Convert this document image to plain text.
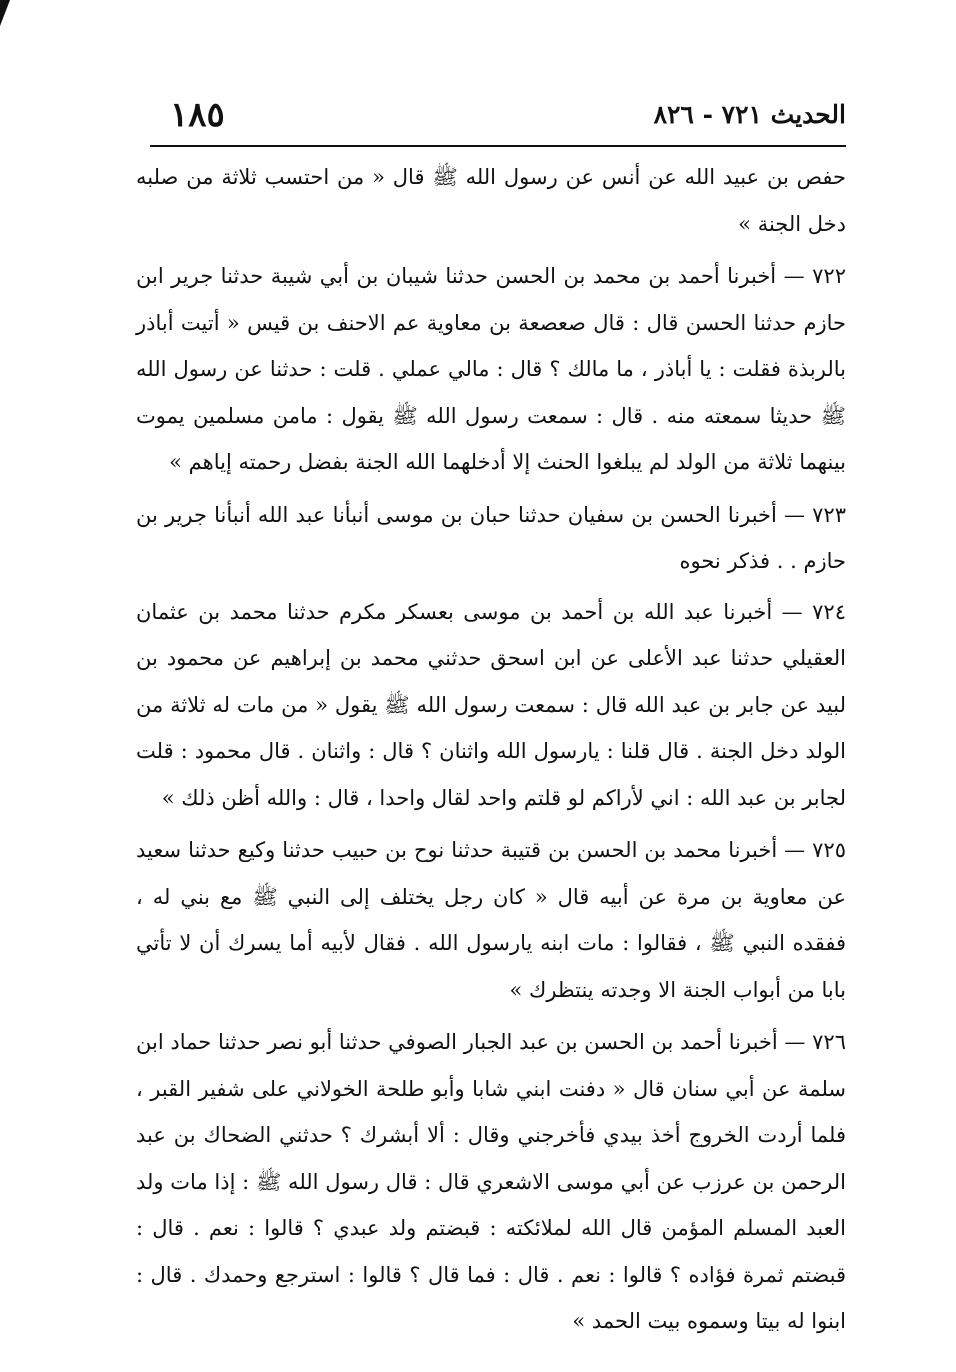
الحديث ٧٢١ - ٨٢٦
١٨٥

حفص بن عبيد الله عن أنس عن رسول الله ﷺ قال « من احتسب ثلاثة من صلبه دخل الجنة »

٧٢٢ — أخبرنا أحمد بن محمد بن الحسن حدثنا شيبان بن أبي شيبة حدثنا جرير ابن حازم حدثنا الحسن قال : قال صعصعة بن معاوية عم الاحنف بن قيس « أتيت أباذر بالربذة فقلت : يا أباذر ، ما مالك ؟ قال : مالي عملي . قلت : حدثنا عن رسول الله ﷺ حديثا سمعته منه . قال : سمعت رسول الله ﷺ يقول : مامن مسلمين يموت بينهما ثلاثة من الولد لم يبلغوا الحنث إلا أدخلهما الله الجنة بفضل رحمته إياهم »

٧٢٣ — أخبرنا الحسن بن سفيان حدثنا حبان بن موسى أنبأنا عبد الله أنبأنا جرير بن حازم . . فذكر نحوه

٧٢٤ — أخبرنا عبد الله بن أحمد بن موسى بعسكر مكرم حدثنا محمد بن عثمان العقيلي حدثنا عبد الأعلى عن ابن اسحق حدثني محمد بن إبراهيم عن محمود بن لبيد عن جابر بن عبد الله قال : سمعت رسول الله ﷺ يقول « من مات له ثلاثة من الولد دخل الجنة . قال قلنا : يارسول الله واثنان ؟ قال : واثنان . قال محمود : قلت لجابر بن عبد الله : اني لأراكم لو قلتم واحد لقال واحدا ، قال : والله أظن ذلك »

٧٢٥ — أخبرنا محمد بن الحسن بن قتيبة حدثنا نوح بن حبيب حدثنا وكيع حدثنا سعيد عن معاوية بن مرة عن أبيه قال « كان رجل يختلف إلى النبي ﷺ مع بني له ، ففقده النبي ﷺ ، فقالوا : مات ابنه يارسول الله . فقال لأبيه أما يسرك أن لا تأتي بابا من أبواب الجنة الا وجدته ينتظرك »

٧٢٦ — أخبرنا أحمد بن الحسن بن عبد الجبار الصوفي حدثنا أبو نصر حدثنا حماد ابن سلمة عن أبي سنان قال « دفنت ابني شابا وأبو طلحة الخولاني على شفير القبر ، فلما أردت الخروج أخذ بيدي فأخرجني وقال : ألا أبشرك ؟ حدثني الضحاك بن عبد الرحمن بن عرزب عن أبي موسى الاشعري قال : قال رسول الله ﷺ : إذا مات ولد العبد المسلم المؤمن قال الله لملائكته : قبضتم ولد عبدي ؟ قالوا : نعم . قال : قبضتم ثمرة فؤاده ؟ قالوا : نعم . قال : فما قال ؟ قالوا : استرجع وحمدك . قال : ابنوا له بيتا وسموه بيت الحمد »
